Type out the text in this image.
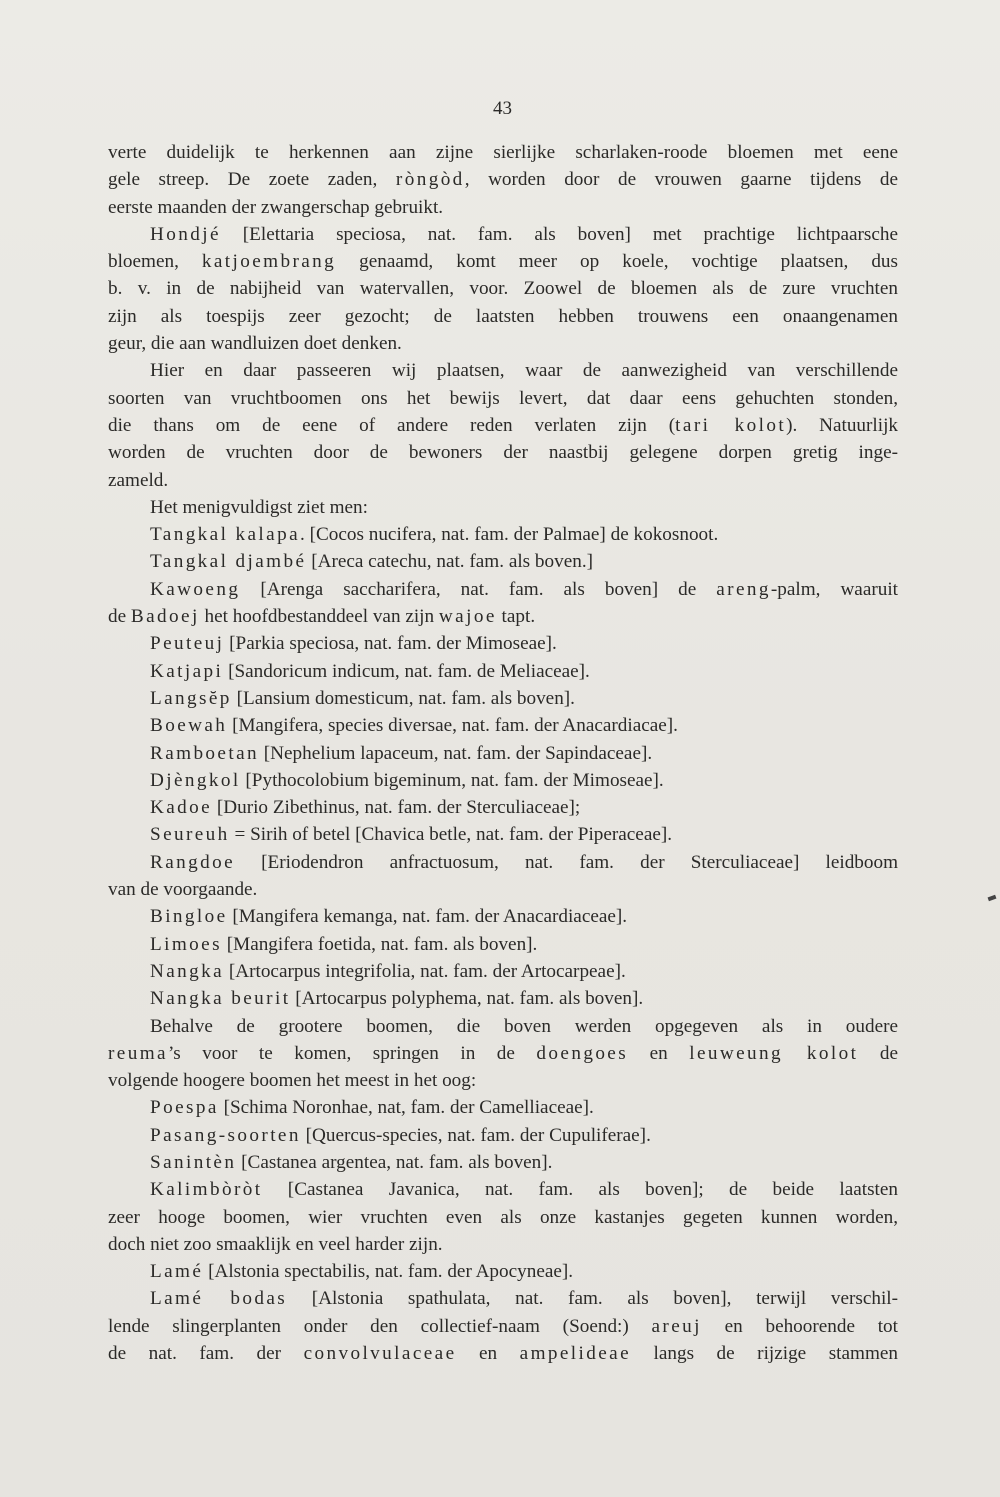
43
verte duidelijk te herkennen aan zijne sierlijke scharlaken-roode bloemen met eene
gele streep. De zoete zaden, ròngòd, worden door de vrouwen gaarne tijdens de
eerste maanden der zwangerschap gebruikt.
Hondjé [Elettaria speciosa, nat. fam. als boven] met prachtige lichtpaarsche
bloemen, katjoembrang genaamd, komt meer op koele, vochtige plaatsen, dus
b. v. in de nabijheid van watervallen, voor. Zoowel de bloemen als de zure vruchten
zijn als toespijs zeer gezocht; de laatsten hebben trouwens een onaangenamen
geur, die aan wandluizen doet denken.
Hier en daar passeeren wij plaatsen, waar de aanwezigheid van verschillende
soorten van vruchtboomen ons het bewijs levert, dat daar eens gehuchten stonden,
die thans om de eene of andere reden verlaten zijn (tari kolot). Natuurlijk
worden de vruchten door de bewoners der naastbij gelegene dorpen gretig inge-
zameld.
Het menigvuldigst ziet men:
Tangkal kalapa. [Cocos nucifera, nat. fam. der Palmae] de kokosnoot.
Tangkal djambé [Areca catechu, nat. fam. als boven.]
Kawoeng [Arenga saccharifera, nat. fam. als boven] de areng-palm, waaruit
de Badoej het hoofdbestanddeel van zijn wajoe tapt.
Peuteuj [Parkia speciosa, nat. fam. der Mimoseae].
Katjapi [Sandoricum indicum, nat. fam. de Meliaceae].
Langsĕp [Lansium domesticum, nat. fam. als boven].
Boewah [Mangifera, species diversae, nat. fam. der Anacardiacae].
Ramboetan [Nephelium lapaceum, nat. fam. der Sapindaceae].
Djèngkol [Pythocolobium bigeminum, nat. fam. der Mimoseae].
Kadoe [Durio Zibethinus, nat. fam. der Sterculiaceae];
Seureuh = Sirih of betel [Chavica betle, nat. fam. der Piperaceae].
Rangdoe [Eriodendron anfractuosum, nat. fam. der Sterculiaceae] leidboom
van de voorgaande.
Bingloe [Mangifera kemanga, nat. fam. der Anacardiaceae].
Limoes [Mangifera foetida, nat. fam. als boven].
Nangka [Artocarpus integrifolia, nat. fam. der Artocarpeae].
Nangka beurit [Artocarpus polyphema, nat. fam. als boven].
Behalve de grootere boomen, die boven werden opgegeven als in oudere
reuma’s voor te komen, springen in de doengoes en leuweung kolot de
volgende hoogere boomen het meest in het oog:
Poespa [Schima Noronhae, nat, fam. der Camelliaceae].
Pasang-soorten [Quercus-species, nat. fam. der Cupuliferae].
Sanintèn [Castanea argentea, nat. fam. als boven].
Kalimbòròt [Castanea Javanica, nat. fam. als boven]; de beide laatsten
zeer hooge boomen, wier vruchten even als onze kastanjes gegeten kunnen worden,
doch niet zoo smaaklijk en veel harder zijn.
Lamé [Alstonia spectabilis, nat. fam. der Apocyneae].
Lamé bodas [Alstonia spathulata, nat. fam. als boven], terwijl verschil-
lende slingerplanten onder den collectief-naam (Soend:) areuj en behoorende tot
de nat. fam. der convolvulaceae en ampelideae langs de rijzige stammen
